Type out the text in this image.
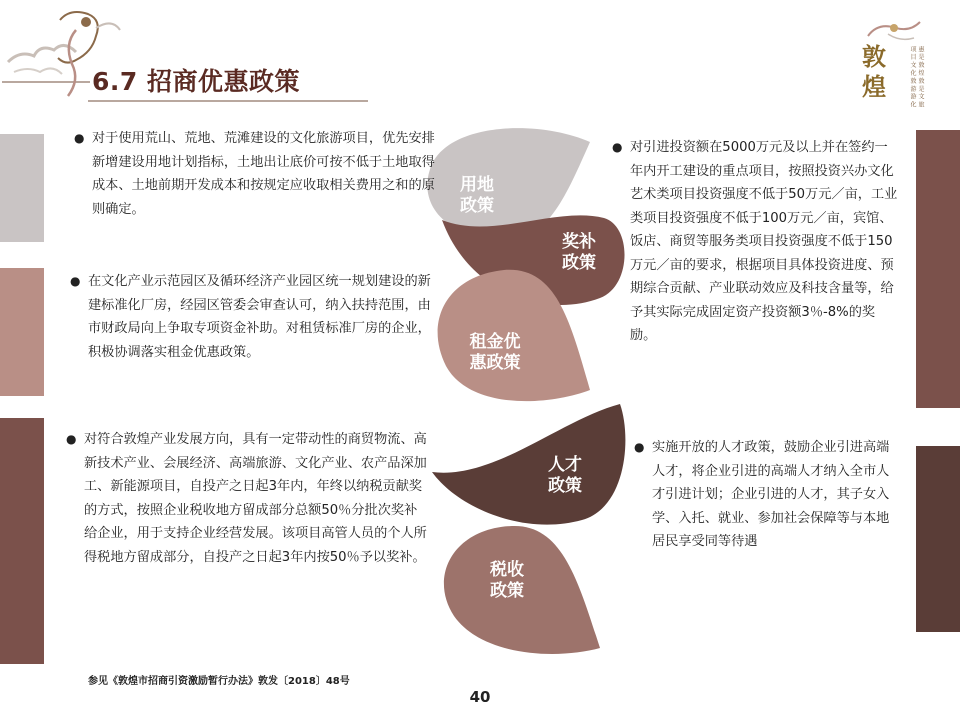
6.7 招商优惠政策
敦煌	惠 是 敦 煌 敦 是 文 旅 项 目 文 化 敦 游 游 化
用地
政策
奖补
政策
租金优
惠政策
人才
政策
税收
政策
● 对于使用荒山、荒地、荒滩建设的文化旅游项目，优先安排新增建设用地计划指标，土地出让底价可按不低于土地取得成本、土地前期开发成本和按规定应收取相关费用之和的原则确定。
● 在文化产业示范园区及循环经济产业园区统一规划建设的新建标准化厂房，经园区管委会审查认可，纳入扶持范围，由市财政局向上争取专项资金补助。对租赁标准厂房的企业，积极协调落实租金优惠政策。
● 对符合敦煌产业发展方向，具有一定带动性的商贸物流、高新技术产业、会展经济、高端旅游、文化产业、农产品深加工、新能源项目，自投产之日起3年内，年终以纳税贡献奖的方式，按照企业税收地方留成部分总额50％分批次奖补给企业，用于支持企业经营发展。该项目高管人员的个人所得税地方留成部分，自投产之日起3年内按50％予以奖补。
● 对引进投资额在5000万元及以上并在签约一年内开工建设的重点项目，按照投资兴办文化艺术类项目投资强度不低于50万元／亩，工业类项目投资强度不低于100万元／亩，宾馆、饭店、商贸等服务类项目投资强度不低于150万元／亩的要求，根据项目具体投资进度、预期综合贡献、产业联动效应及科技含量等，给予其实际完成固定资产投资额3％-8%的奖励。
● 实施开放的人才政策，鼓励企业引进高端人才，将企业引进的高端人才纳入全市人才引进计划；企业引进的人才，其子女入学、入托、就业、参加社会保障等与本地居民享受同等待遇
参见《敦煌市招商引资激励暂行办法》敦发〔2018〕48号
40
